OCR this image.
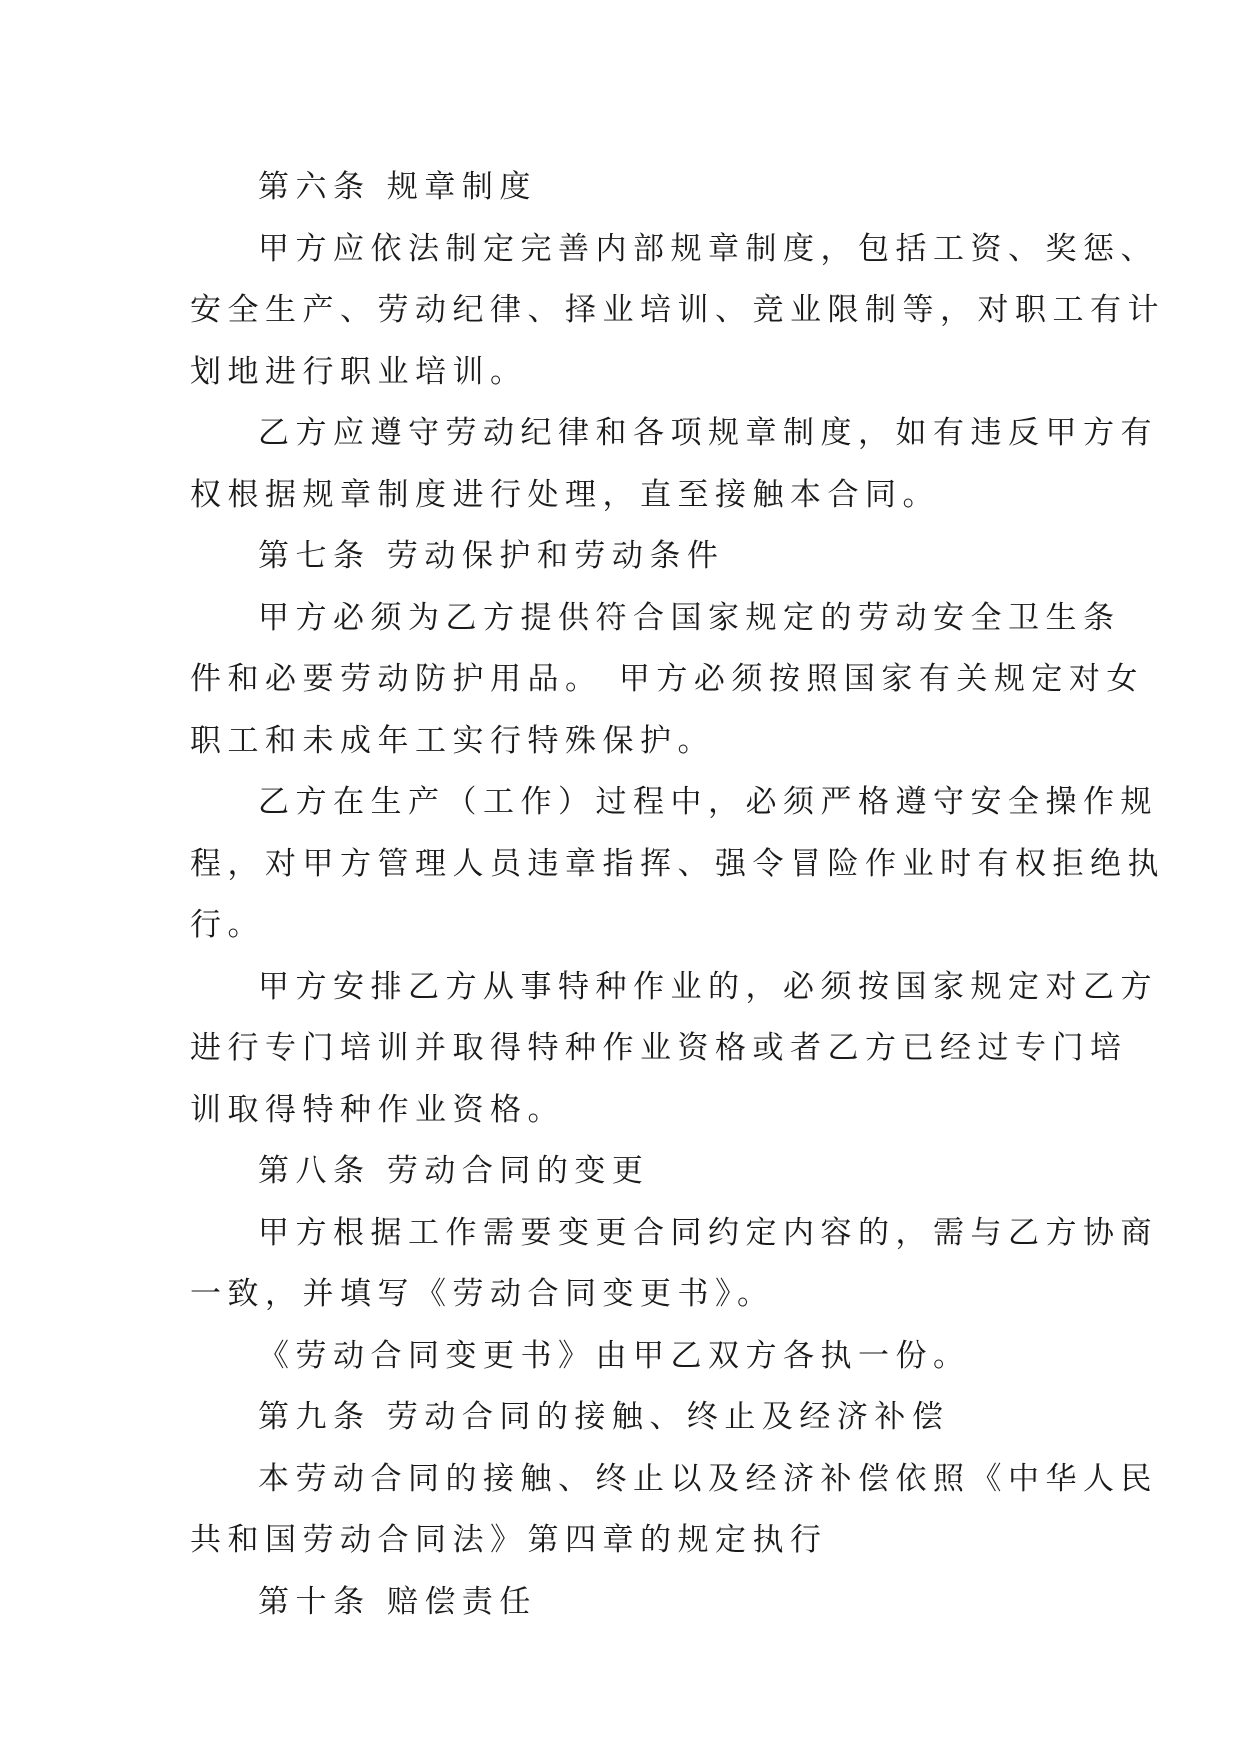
第六条 规章制度
甲方应依法制定完善内部规章制度，包括工资、奖惩、
安全生产、劳动纪律、择业培训、竞业限制等，对职工有计
划地进行职业培训。
乙方应遵守劳动纪律和各项规章制度，如有违反甲方有
权根据规章制度进行处理，直至接触本合同。
第七条 劳动保护和劳动条件
甲方必须为乙方提供符合国家规定的劳动安全卫生条
件和必要劳动防护用品。 甲方必须按照国家有关规定对女
职工和未成年工实行特殊保护。
乙方在生产（工作）过程中，必须严格遵守安全操作规
程，对甲方管理人员违章指挥、强令冒险作业时有权拒绝执
行。
甲方安排乙方从事特种作业的，必须按国家规定对乙方
进行专门培训并取得特种作业资格或者乙方已经过专门培
训取得特种作业资格。
第八条 劳动合同的变更
甲方根据工作需要变更合同约定内容的，需与乙方协商
一致，并填写《劳动合同变更书》。
《劳动合同变更书》由甲乙双方各执一份。
第九条 劳动合同的接触、终止及经济补偿
本劳动合同的接触、终止以及经济补偿依照《中华人民
共和国劳动合同法》第四章的规定执行
第十条 赔偿责任
